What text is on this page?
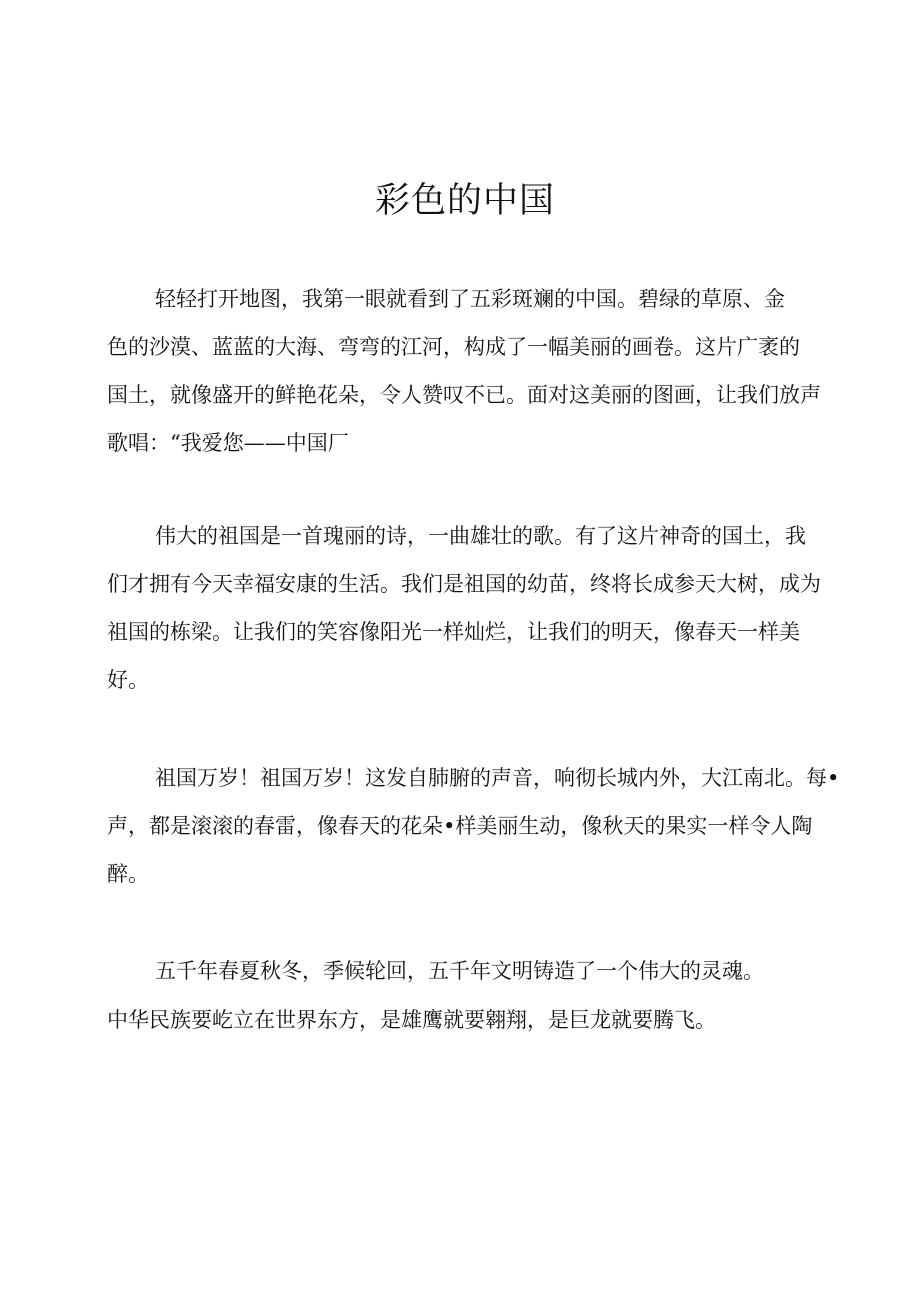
彩色的中国
轻轻打开地图，我第一眼就看到了五彩斑斓的中国。碧绿的草原、金
色的沙漠、蓝蓝的大海、弯弯的江河，构成了一幅美丽的画卷。这片广袤的
国土，就像盛开的鲜艳花朵，令人赞叹不已。面对这美丽的图画，让我们放声
歌唱：“我爱您——中国厂
伟大的祖国是一首瑰丽的诗，一曲雄壮的歌。有了这片神奇的国土，我
们才拥有今天幸福安康的生活。我们是祖国的幼苗，终将长成参天大树，成为
祖国的栋梁。让我们的笑容像阳光一样灿烂，让我们的明天，像春天一样美
好。
祖国万岁！祖国万岁！这发自肺腑的声音，响彻长城内外，大江南北。每•
声，都是滚滚的春雷，像春天的花朵•样美丽生动，像秋天的果实一样令人陶
醉。
五千年春夏秋冬，季候轮回，五千年文明铸造了一个伟大的灵魂。
中华民族要屹立在世界东方，是雄鹰就要翱翔，是巨龙就要腾飞。
